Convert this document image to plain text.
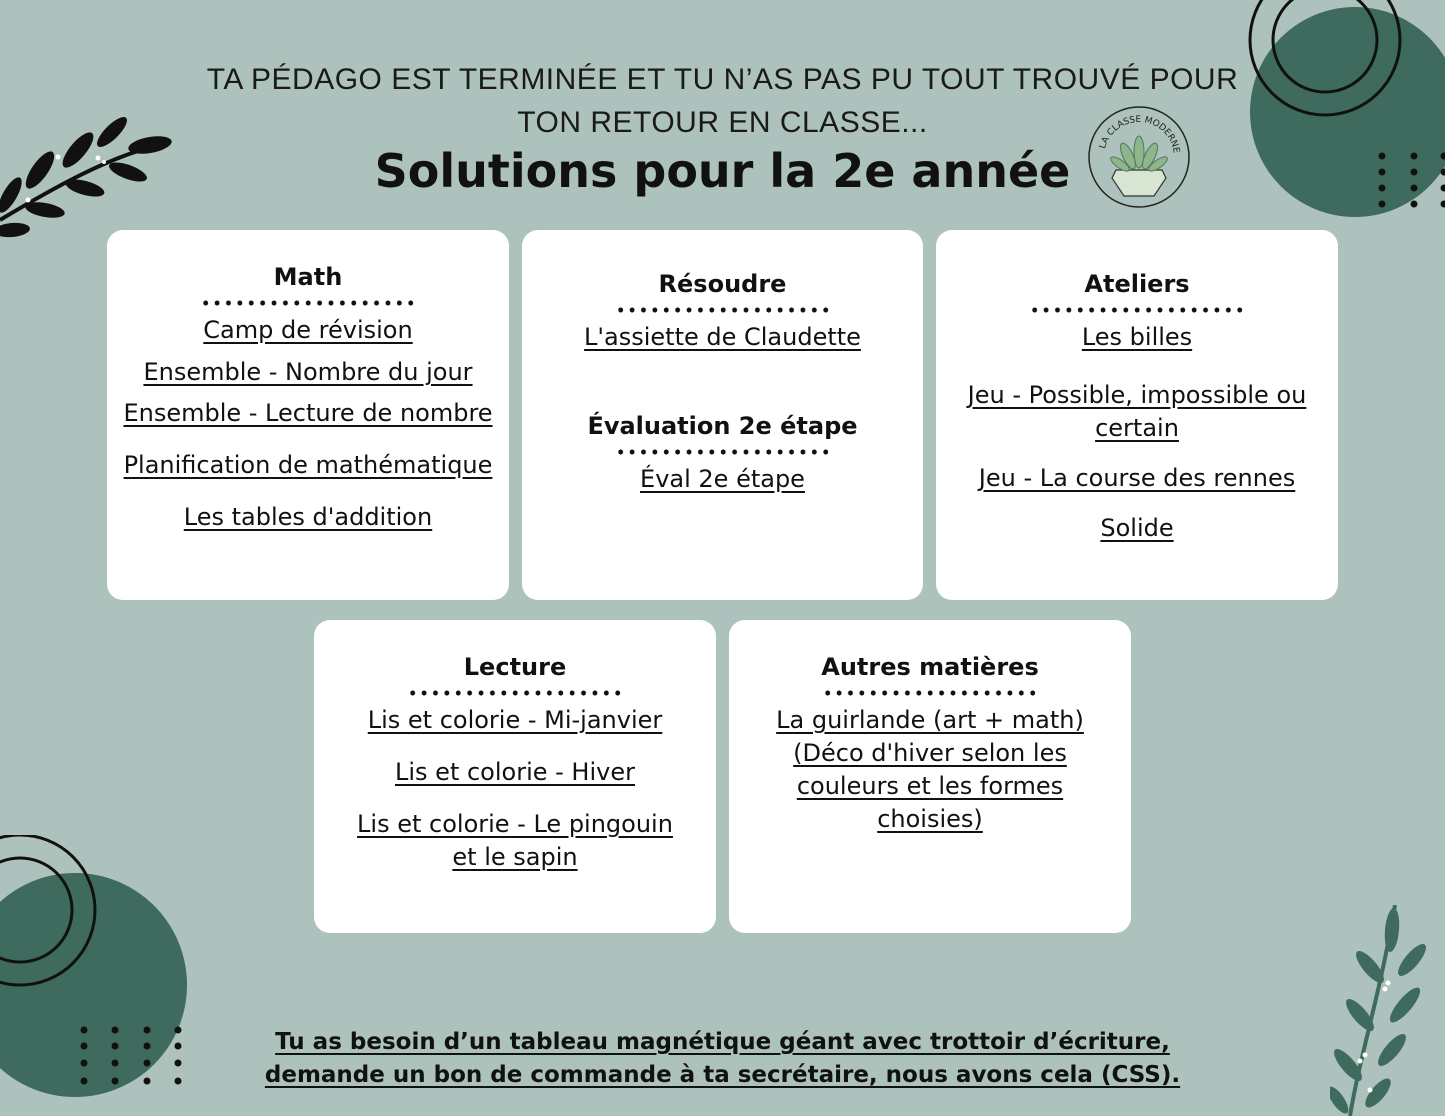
TA PÉDAGO EST TERMINÉE ET TU N’AS PAS PU TOUT TROUVÉ POUR
TON RETOUR EN CLASSE...
Solutions pour la 2e année	LA CLASSE MODERNE
Math
Camp de révision
Ensemble - Nombre du jour
Ensemble - Lecture de nombre
Planification de mathématique
Les tables d'addition
Résoudre
L'assiette de Claudette
Évaluation 2e étape
Éval 2e étape
Ateliers
Les billes
Jeu - Possible, impossible ou certain
Jeu - La course des rennes
Solide
Lecture
Lis et colorie - Mi-janvier
Lis et colorie - Hiver
Lis et colorie - Le pingouin et le sapin
Autres matières
La guirlande (art + math) (Déco d'hiver selon les couleurs et les formes choisies)
Tu as besoin d’un tableau magnétique géant avec trottoir d’écriture,
demande un bon de commande à ta secrétaire, nous avons cela (CSS).
